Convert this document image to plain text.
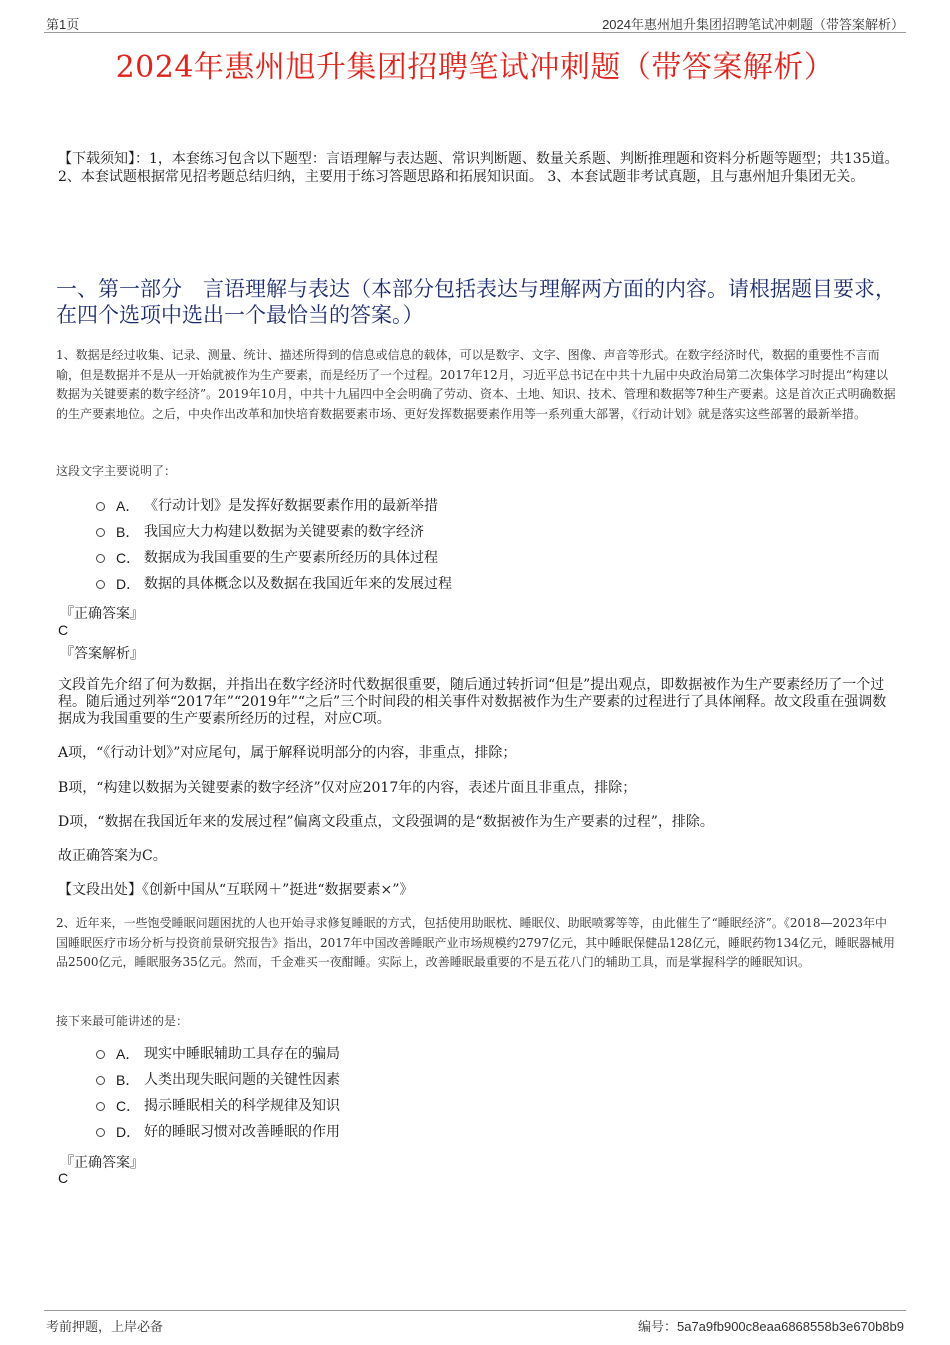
第1页	2024年惠州旭升集团招聘笔试冲刺题（带答案解析）
2024年惠州旭升集团招聘笔试冲刺题（带答案解析）
【下载须知】：1，本套练习包含以下题型：言语理解与表达题、常识判断题、数量关系题、判断推理题和资料分析题等题型；共135道。 2、本套试题根据常见招考题总结归纳，主要用于练习答题思路和拓展知识面。 3、本套试题非考试真题，且与惠州旭升集团无关。
一、第一部分　言语理解与表达（本部分包括表达与理解两方面的内容。请根据题目要求，在四个选项中选出一个最恰当的答案。）
1、数据是经过收集、记录、测量、统计、描述所得到的信息或信息的载体，可以是数字、文字、图像、声音等形式。在数字经济时代，数据的重要性不言而喻，但是数据并不是从一开始就被作为生产要素，而是经历了一个过程。2017年12月，习近平总书记在中共十九届中央政治局第二次集体学习时提出“构建以数据为关键要素的数字经济”。2019年10月，中共十九届四中全会明确了劳动、资本、土地、知识、技术、管理和数据等7种生产要素。这是首次正式明确数据的生产要素地位。之后，中央作出改革和加快培育数据要素市场、更好发挥数据要素作用等一系列重大部署，《行动计划》就是落实这些部署的最新举措。
这段文字主要说明了：
A． 《行动计划》是发挥好数据要素作用的最新举措
B． 我国应大力构建以数据为关键要素的数字经济
C． 数据成为我国重要的生产要素所经历的具体过程
D． 数据的具体概念以及数据在我国近年来的发展过程
『正确答案』
C
『答案解析』
文段首先介绍了何为数据，并指出在数字经济时代数据很重要，随后通过转折词“但是”提出观点，即数据被作为生产要素经历了一个过程。随后通过列举“2017年”“2019年”“之后”三个时间段的相关事件对数据被作为生产要素的过程进行了具体阐释。故文段重在强调数据成为我国重要的生产要素所经历的过程，对应C项。
A项，“《行动计划》”对应尾句，属于解释说明部分的内容，非重点，排除；
B项，“构建以数据为关键要素的数字经济”仅对应2017年的内容，表述片面且非重点，排除；
D项，“数据在我国近年来的发展过程”偏离文段重点，文段强调的是“数据被作为生产要素的过程”，排除。
故正确答案为C。
【文段出处】《创新中国从“互联网＋”挺进“数据要素×”》
2、近年来，一些饱受睡眠问题困扰的人也开始寻求修复睡眠的方式，包括使用助眠枕、睡眠仪、助眠喷雾等等，由此催生了“睡眠经济”。《2018—2023年中国睡眠医疗市场分析与投资前景研究报告》指出，2017年中国改善睡眠产业市场规模约2797亿元，其中睡眠保健品128亿元，睡眠药物134亿元，睡眠器械用品2500亿元，睡眠服务35亿元。然而，千金难买一夜酣睡。实际上，改善睡眠最重要的不是五花八门的辅助工具，而是掌握科学的睡眠知识。
接下来最可能讲述的是：
A． 现实中睡眠辅助工具存在的骗局
B． 人类出现失眠问题的关键性因素
C． 揭示睡眠相关的科学规律及知识
D． 好的睡眠习惯对改善睡眠的作用
『正确答案』
C
考前押题，上岸必备	编号：5a7a9fb900c8eaa6868558b3e670b8b9
